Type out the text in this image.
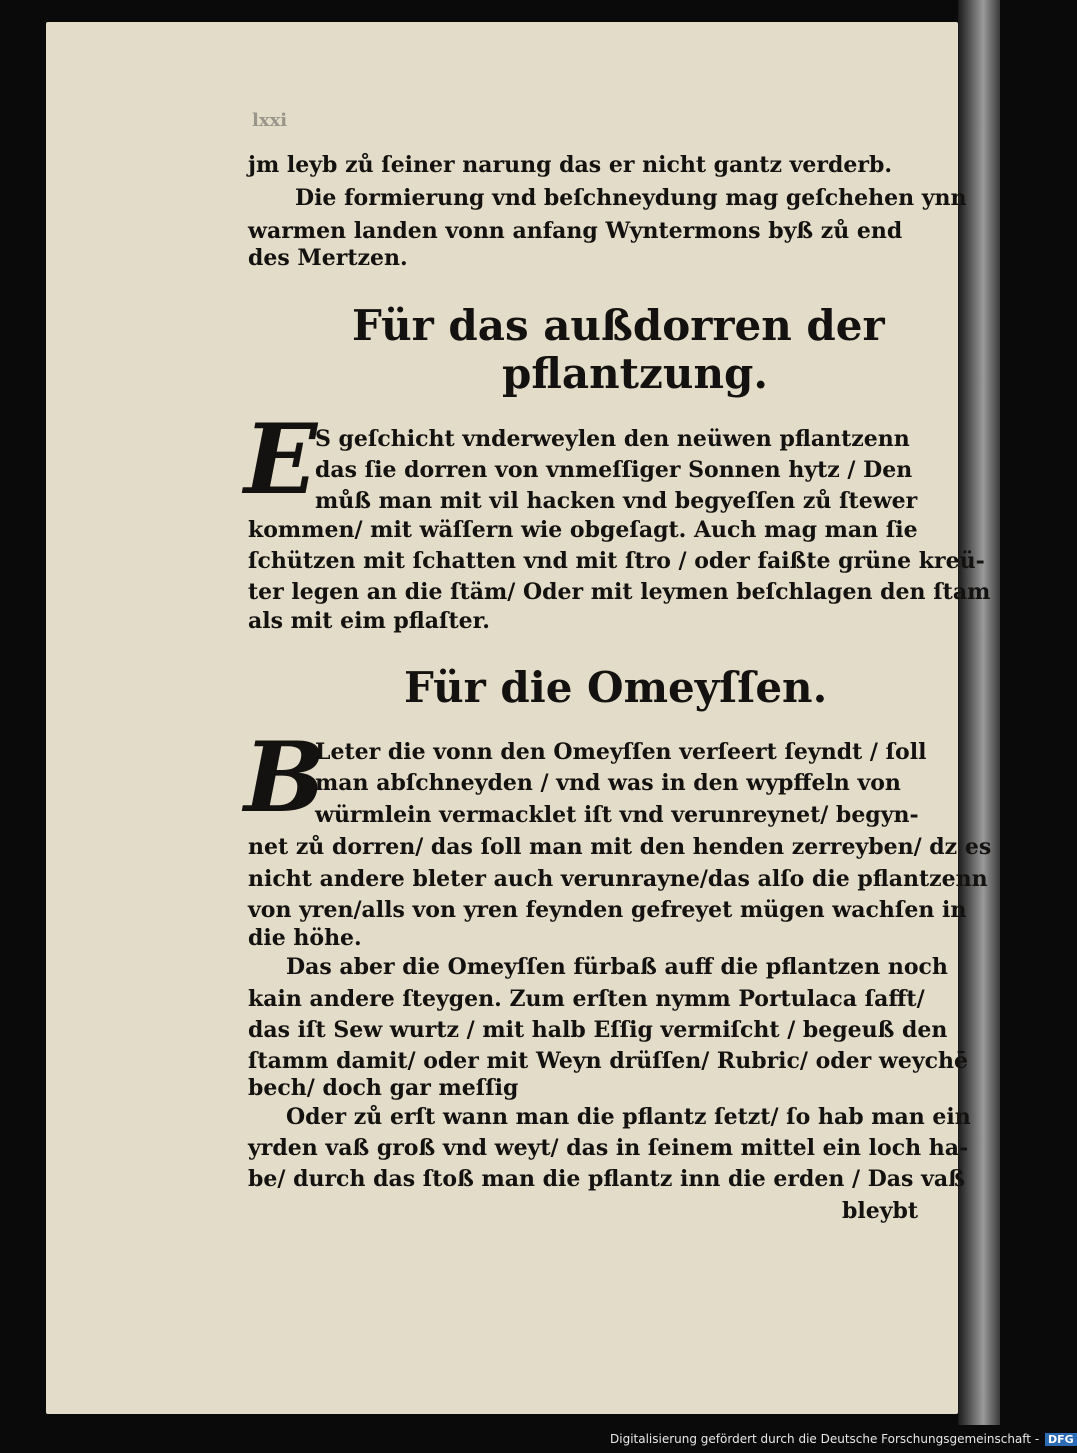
lxxi
jm leyb zů ſeiner narung das er nicht gantz verderb.
Die formierung vnd beſchneydung mag geſchehen ynn
warmen landen vonn anfang Wyntermons byß zů end
des Mertzen.
Für das außdorren der
pflantzung.
E
S geſchicht vnderweylen den neüwen pflantzenn
das ſie dorren von vnmeſſiger Sonnen hytz / Den
můß man mit vil hacken vnd begyeſſen zů ſtewer
kommen/ mit wäſſern wie obgeſagt. Auch mag man ſie
ſchützen mit ſchatten vnd mit ſtro / oder faißte grüne kreü-
ter legen an die ſtäm/ Oder mit leymen beſchlagen den ſtam
als mit eim pflaſter.
Für die Omeyſſen.
B
Leter die vonn den Omeyſſen verſeert ſeyndt / ſoll
man abſchneyden / vnd was in den wypffeln von
würmlein vermacklet iſt vnd verunreynet/ begyn-
net zů dorren/ das ſoll man mit den henden zerreyben/ dz es
nicht andere bleter auch verunrayne/das alſo die pflantzenn
von yren/alls von yren feynden gefreyet mügen wachſen in
die höhe.
Das aber die Omeyſſen fürbaß auff die pflantzen noch
kain andere ſteygen. Zum erſten nymm Portulaca ſafft/
das iſt Sew wurtz / mit halb Eſſig vermiſcht / begeuß den
ſtamm damit/ oder mit Weyn drüſſen/ Rubric/ oder weychē
bech/ doch gar meſſig
Oder zů erſt wann man die pflantz ſetzt/ ſo hab man ein
yrden vaß groß vnd weyt/ das in ſeinem mittel ein loch ha-
be/ durch das ſtoß man die pflantz inn die erden / Das vaß
bleybt
Digitalisierung gefördert durch die Deutsche Forschungsgemeinschaft - DFG
